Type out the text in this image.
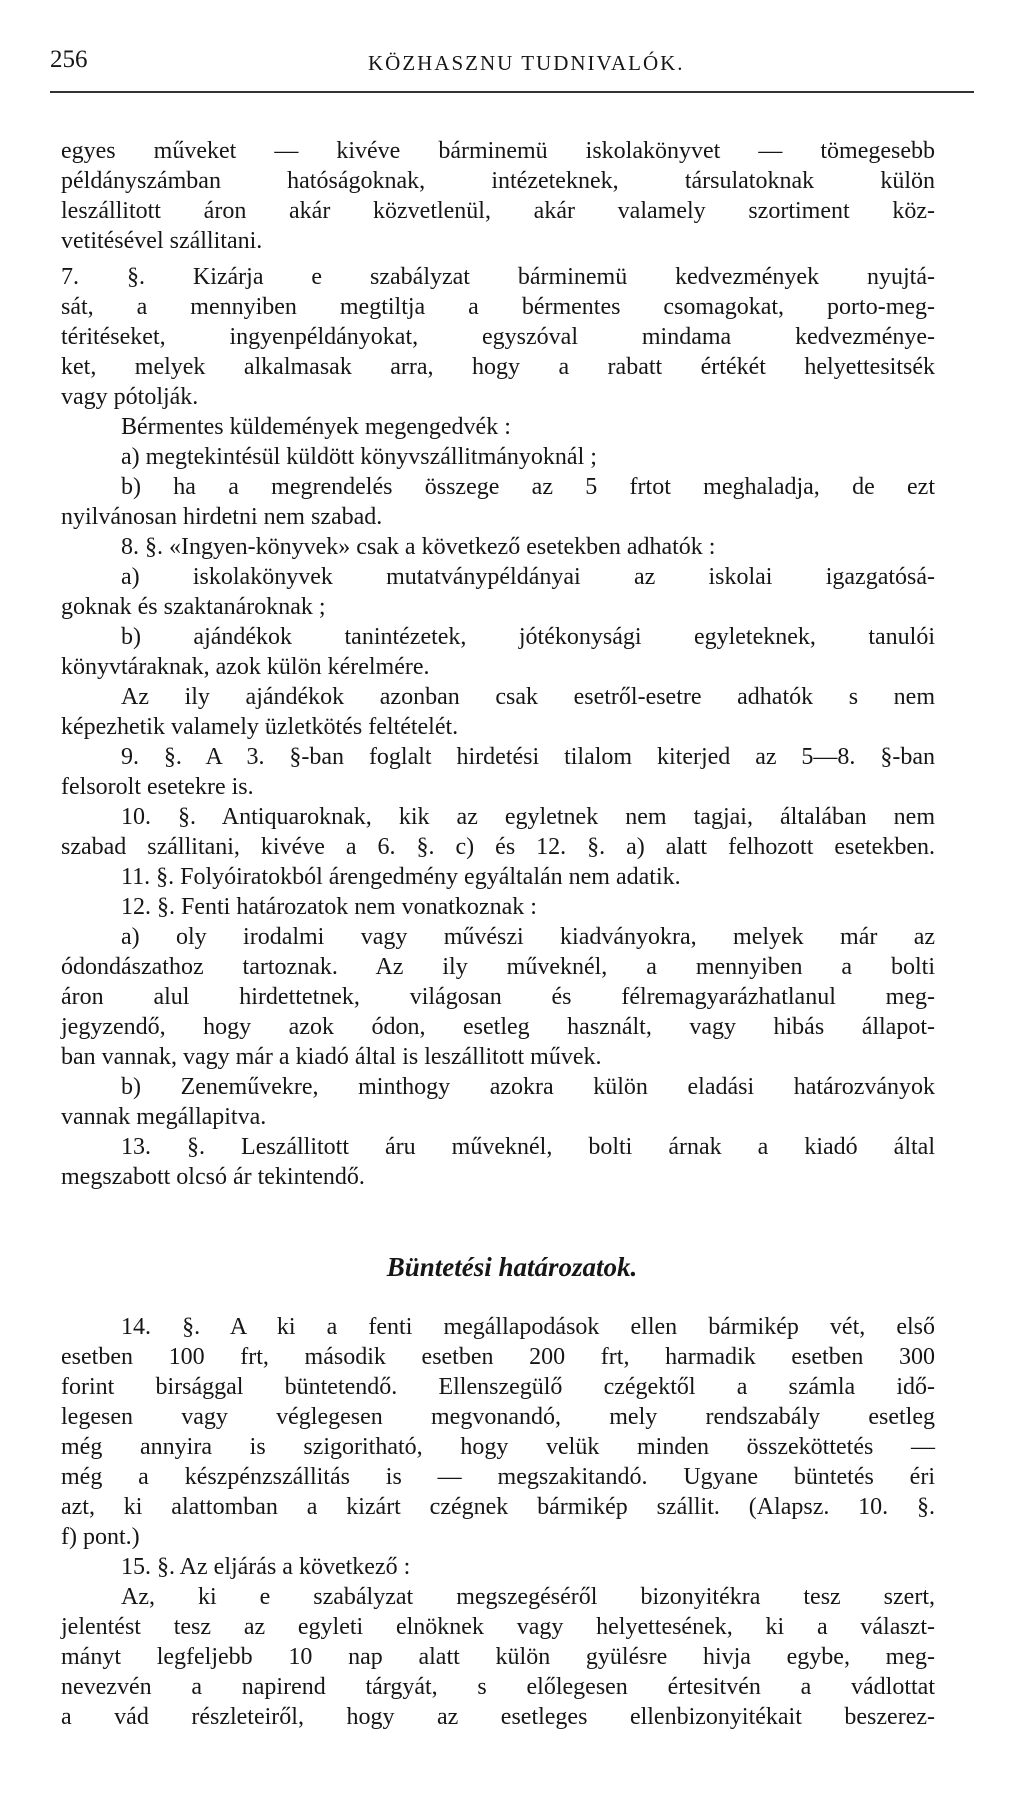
256	KÖZHASZNU TUDNIVALÓK.
egyes műveket — kivéve bárminemü iskolakönyvet — tömegesebb
példányszámban hatóságoknak, intézeteknek, társulatoknak külön
leszállitott áron akár közvetlenül, akár valamely szortiment köz-
vetitésével szállitani.
7. §. Kizárja e szabályzat bárminemü kedvezmények nyujtá-
sát, a mennyiben megtiltja a bérmentes csomagokat, porto-meg-
téritéseket, ingyenpéldányokat, egyszóval mindama kedvezménye-
ket, melyek alkalmasak arra, hogy a rabatt értékét helyettesitsék
vagy pótolják.
Bérmentes küldemények megengedvék :
a) megtekintésül küldött könyvszállitmányoknál ;
b) ha a megrendelés összege az 5 frtot meghaladja, de ezt
nyilvánosan hirdetni nem szabad.
8. §. «Ingyen-könyvek» csak a következő esetekben adhatók :
a) iskolakönyvek mutatványpéldányai az iskolai igazgatósá-
goknak és szaktanároknak ;
b) ajándékok tanintézetek, jótékonysági egyleteknek, tanulói
könyvtáraknak, azok külön kérelmére.
Az ily ajándékok azonban csak esetről-esetre adhatók s nem
képezhetik valamely üzletkötés feltételét.
9. §. A 3. §-ban foglalt hirdetési tilalom kiterjed az 5—8. §-ban
felsorolt esetekre is.
10. §. Antiquaroknak, kik az egyletnek nem tagjai, általában nem
szabad szállitani, kivéve a 6. §. c) és 12. §. a) alatt felhozott esetekben.
11. §. Folyóiratokból árengedmény egyáltalán nem adatik.
12. §. Fenti határozatok nem vonatkoznak :
a) oly irodalmi vagy művészi kiadványokra, melyek már az
ódondászathoz tartoznak. Az ily műveknél, a mennyiben a bolti
áron alul hirdettetnek, világosan és félremagyarázhatlanul meg-
jegyzendő, hogy azok ódon, esetleg használt, vagy hibás állapot-
ban vannak, vagy már a kiadó által is leszállitott művek.
b) Zeneművekre, minthogy azokra külön eladási határozványok
vannak megállapitva.
13. §. Leszállitott áru műveknél, bolti árnak a kiadó által
megszabott olcsó ár tekintendő.
Büntetési határozatok.
14. §. A ki a fenti megállapodások ellen bármikép vét, első
esetben 100 frt, második esetben 200 frt, harmadik esetben 300
forint birsággal büntetendő. Ellenszegülő czégektől a számla idő-
legesen vagy véglegesen megvonandó, mely rendszabály esetleg
még annyira is szigoritható, hogy velük minden összeköttetés —
még a készpénzszállitás is — megszakitandó. Ugyane büntetés éri
azt, ki alattomban a kizárt czégnek bármikép szállit. (Alapsz. 10. §.
f) pont.)
15. §. Az eljárás a következő :
Az, ki e szabályzat megszegéséről bizonyitékra tesz szert,
jelentést tesz az egyleti elnöknek vagy helyettesének, ki a választ-
mányt legfeljebb 10 nap alatt külön gyülésre hivja egybe, meg-
nevezvén a napirend tárgyát, s előlegesen értesitvén a vádlottat
a vád részleteiről, hogy az esetleges ellenbizonyitékait beszerez-
